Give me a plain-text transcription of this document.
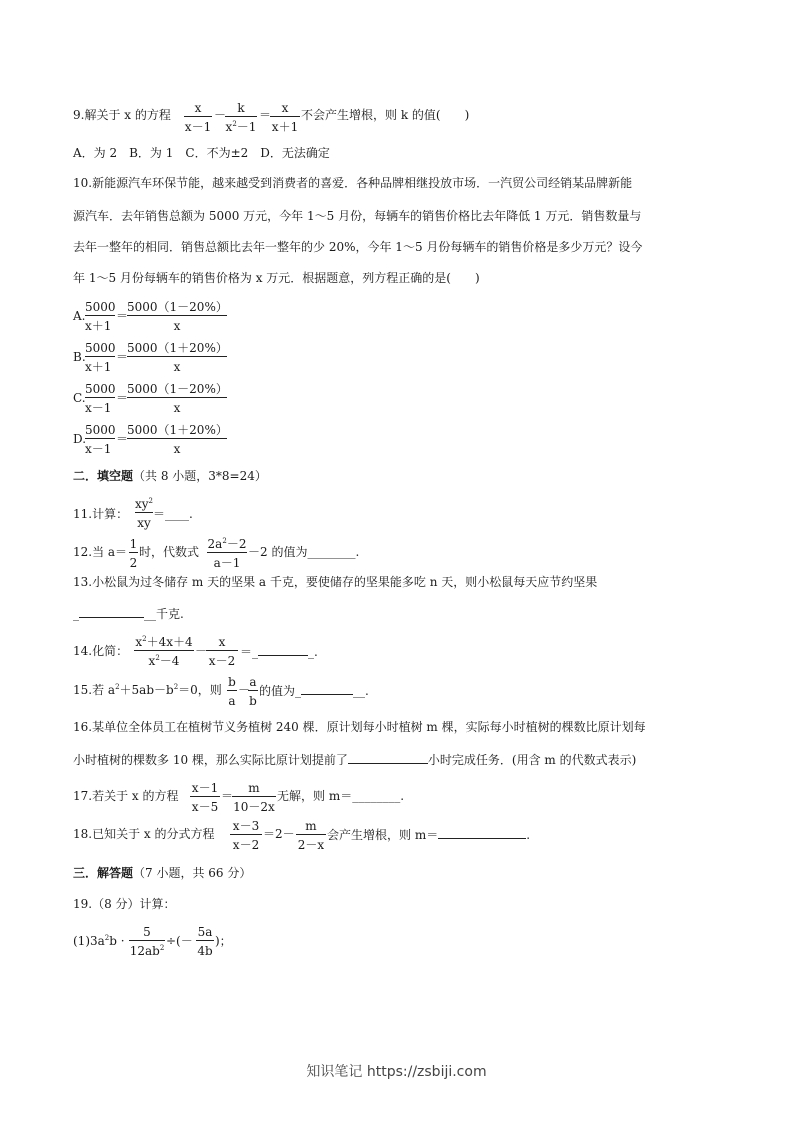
9.解关于 x 的方程	x
x－1
－ k
$x^2-1$
＝ x
x＋1
不会产生增根，则 k 的值(　　)
A．为 2　B．为 1　C．不为±2　D．无法确定
10.新能源汽车环保节能，越来越受到消费者的喜爱．各种品牌相继投放市场．一汽贸公司经销某品牌新能
源汽车．去年销售总额为 5000 万元，今年 1～5 月份，每辆车的销售价格比去年降低 1 万元．销售数量与
去年一整年的相同．销售总额比去年一整年的少 20%，今年 1～5 月份每辆车的销售价格是多少万元？设今
年 1～5 月份每辆车的销售价格为 x 万元．根据题意，列方程正确的是(　　)
A.
5000
x＋1
＝
5000（1－20%）
x
B.
5000
x＋1
＝
5000（1＋20%）
x
C.
5000
x－1
＝
5000（1－20%）
x
D.
5000
x－1
＝
5000（1＋20%）
x
二．填空题（共 8 小题，3*8=24）
11.计算：
$xy^2$
xy
＝____.
12.当 a＝
1
2
时，代数式
$2a^2-2$
a－1
－2 的值为________.
13.小松鼠为过冬储存 m 天的坚果 a 千克，要使储存的坚果能多吃 n 天，则小松鼠每天应节约坚果
_	__千克.
14.化简：
$x^2+4x+4$
$x^2-4$
－
x
x－2
＝_	_.
15.若 $a^2+5ab-b^2=0$，则
b
a
－
a
b
的值为_	__.
16.某单位全体员工在植树节义务植树 240 棵．原计划每小时植树 m 棵，实际每小时植树的棵数比原计划每
小时植树的棵数多 10 棵，那么实际比原计划提前了	小时完成任务．(用含 m 的代数式表示)
17.若关于 x 的方程
x－1
x－5
＝
m
10－2x
无解，则 m＝________.
18.已知关于 x 的分式方程
x－3
x－2
＝2－
m
2－x
会产生增根，则 m＝	.
三．解答题（7 小题，共 66 分）
19.（8 分）计算：
$(1)3a^2b$ ·
5
$12ab^2$ ÷(－
5a
4b
)；
知识笔记 https://zsbiji.com
